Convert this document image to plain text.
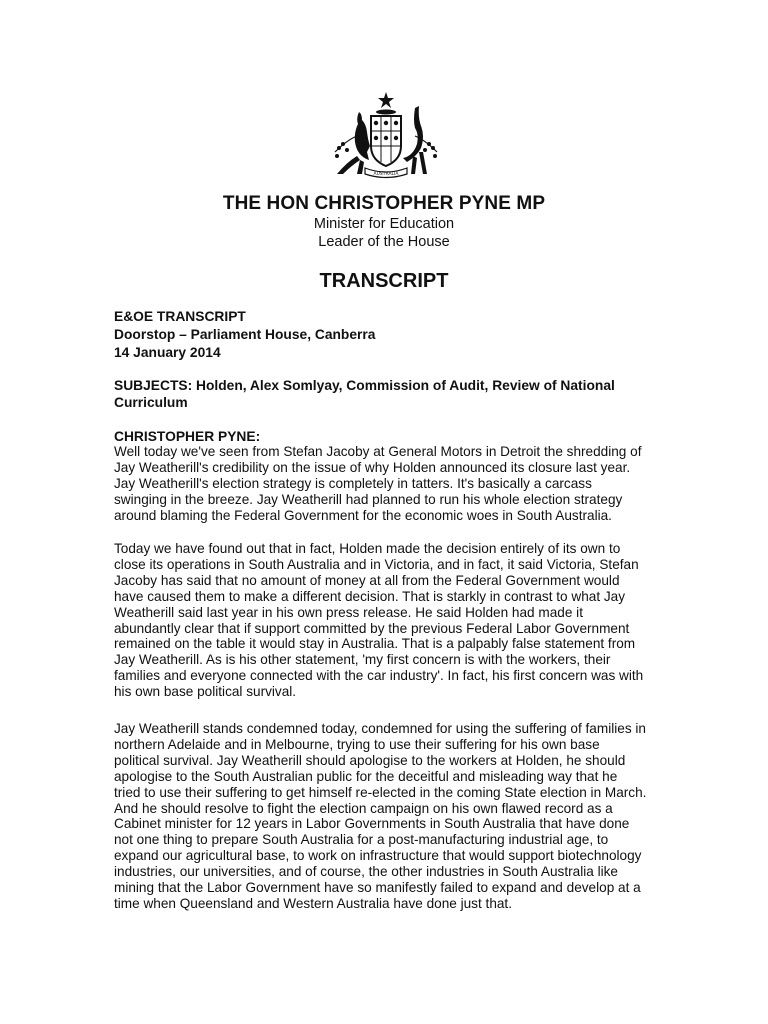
AUSTRALIA
THE HON CHRISTOPHER PYNE MP
Minister for Education
Leader of the House
TRANSCRIPT
E&OE TRANSCRIPT
Doorstop – Parliament House, Canberra
14 January 2014
SUBJECTS: Holden, Alex Somlyay, Commission of Audit, Review of National
Curriculum
CHRISTOPHER PYNE:
Well today we've seen from Stefan Jacoby at General Motors in Detroit the shredding of
Jay Weatherill's credibility on the issue of why Holden announced its closure last year.
Jay Weatherill's election strategy is completely in tatters. It's basically a carcass
swinging in the breeze. Jay Weatherill had planned to run his whole election strategy
around blaming the Federal Government for the economic woes in South Australia.
Today we have found out that in fact, Holden made the decision entirely of its own to
close its operations in South Australia and in Victoria, and in fact, it said Victoria, Stefan
Jacoby has said that no amount of money at all from the Federal Government would
have caused them to make a different decision. That is starkly in contrast to what Jay
Weatherill said last year in his own press release. He said Holden had made it
abundantly clear that if support committed by the previous Federal Labor Government
remained on the table it would stay in Australia. That is a palpably false statement from
Jay Weatherill. As is his other statement, 'my first concern is with the workers, their
families and everyone connected with the car industry'. In fact, his first concern was with
his own base political survival.
Jay Weatherill stands condemned today, condemned for using the suffering of families in
northern Adelaide and in Melbourne, trying to use their suffering for his own base
political survival. Jay Weatherill should apologise to the workers at Holden, he should
apologise to the South Australian public for the deceitful and misleading way that he
tried to use their suffering to get himself re-elected in the coming State election in March.
And he should resolve to fight the election campaign on his own flawed record as a
Cabinet minister for 12 years in Labor Governments in South Australia that have done
not one thing to prepare South Australia for a post-manufacturing industrial age, to
expand our agricultural base, to work on infrastructure that would support biotechnology
industries, our universities, and of course, the other industries in South Australia like
mining that the Labor Government have so manifestly failed to expand and develop at a
time when Queensland and Western Australia have done just that.
